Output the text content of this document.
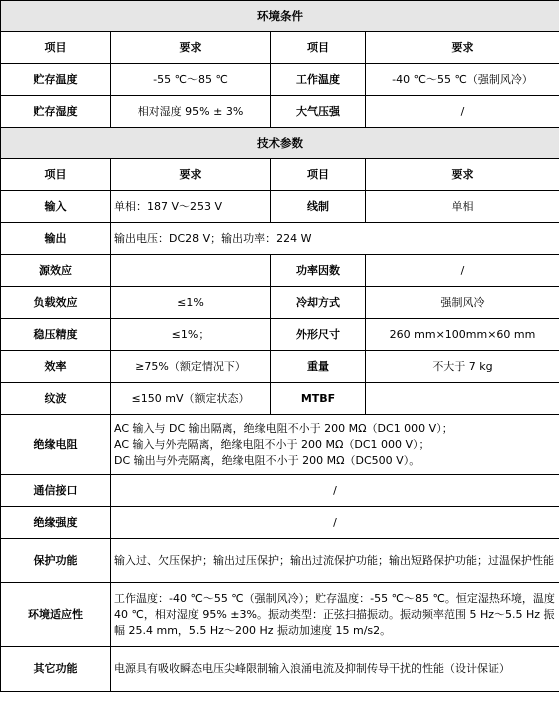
环境条件			
项目	要求	项目	要求
贮存温度	-55 ℃～85 ℃	工作温度	-40 ℃～55 ℃（强制风冷）
贮存湿度	相对湿度 95% ± 3%	大气压强	/
技术参数			
项目	要求	项目	要求
输入	单相：187 V～253 V	线制	单相
输出	输出电压：DC28 V；输出功率：224 W		
源效应		功率因数	/
负载效应	≤1%	冷却方式	强制风冷
稳压精度	≤1%；	外形尺寸	260 mm×100mm×60 mm
效率	≥75%（额定情况下）	重量	不大于 7 kg
纹波	≤150 mV（额定状态）	MTBF	
绝缘电阻	AC 输入与 DC 输出隔离，绝缘电阻不小于 200 MΩ（DC1 000 V）；
AC 输入与外壳隔离，绝缘电阻不小于 200 MΩ（DC1 000 V）；
DC 输出与外壳隔离，绝缘电阻不小于 200 MΩ（DC500 V）。		

通信接口	/		
绝缘强度	/		
保护功能	输入过、欠压保护；输出过压保护；输出过流保护功能；输出短路保护功能；过温保护性能		

环境适应性	工作温度：-40 ℃～55 ℃（强制风冷）；贮存温度：-55 ℃～85 ℃。恒定湿热环境，温度 40 ℃，相对湿度 95% ±3%。振动类型：正弦扫描振动。振动频率范围 5 Hz～5.5 Hz 振幅 25.4 mm，5.5 Hz～200 Hz 振动加速度 15 m/s2。		

其它功能	电源具有吸收瞬态电压尖峰限制输入浪涌电流及抑制传导干扰的性能（设计保证）		
